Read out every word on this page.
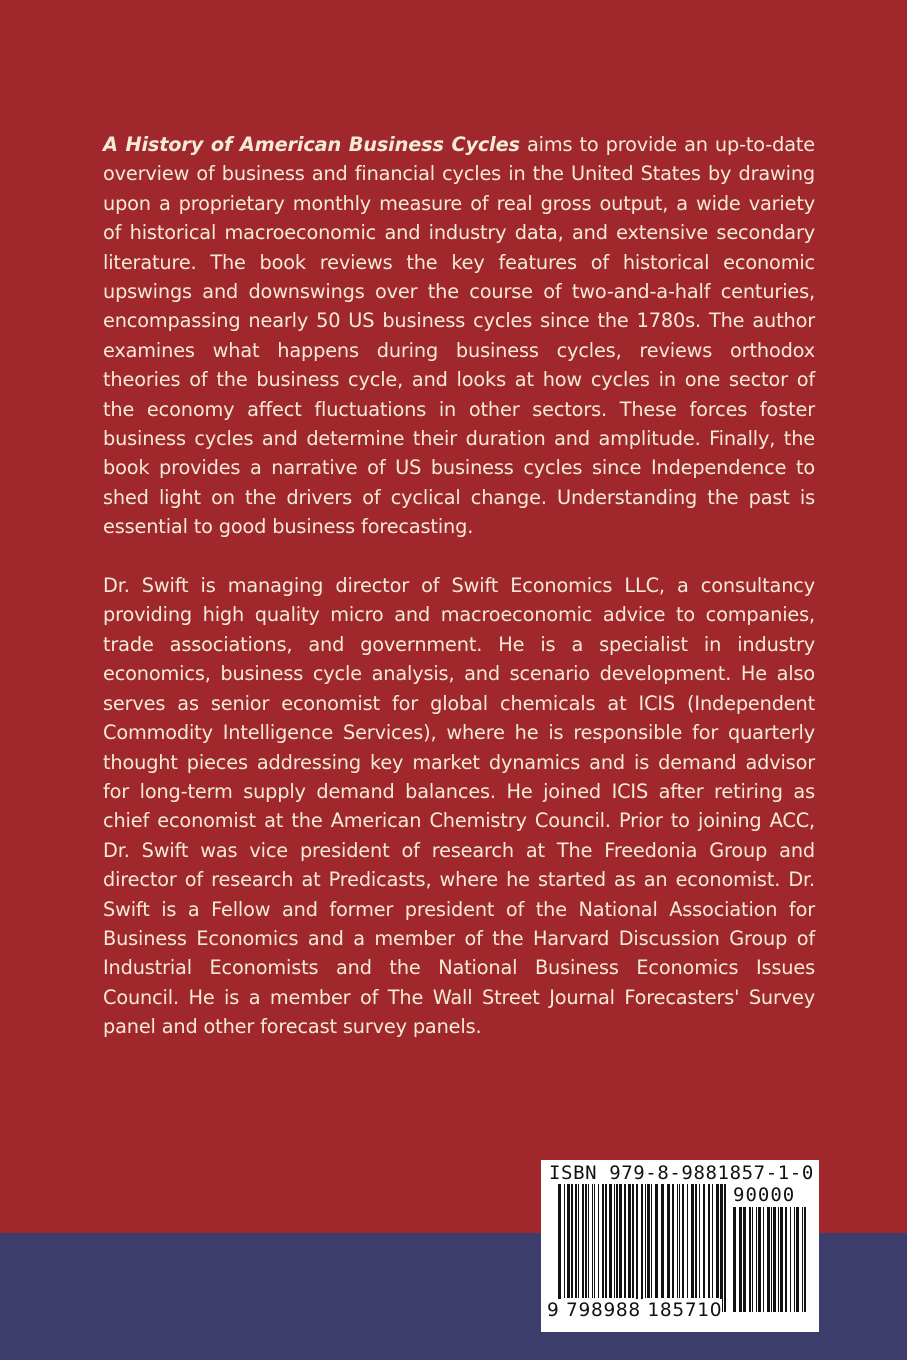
A History of American Business Cycles aims to provide an up-to-date overview of business and financial cycles in the United States by drawing upon a proprietary monthly measure of real gross output, a wide variety of historical macroeconomic and industry data, and extensive secondary literature. The book reviews the key features of historical economic upswings and downswings over the course of two-and-a-half centuries, encompassing nearly 50 US business cycles since the 1780s. The author examines what happens during business cycles, reviews orthodox theories of the business cycle, and looks at how cycles in one sector of the economy affect fluctuations in other sectors. These forces foster business cycles and determine their duration and amplitude. Finally, the book provides a narrative of US business cycles since Independence to shed light on the drivers of cyclical change. Understanding the past is essential to good business forecasting.

Dr. Swift is managing director of Swift Economics LLC, a consultancy providing high quality micro and macroeconomic advice to companies, trade associations, and government. He is a specialist in industry economics, business cycle analysis, and scenario development. He also serves as senior economist for global chemicals at ICIS (Independent Commodity Intelligence Services), where he is responsible for quarterly thought pieces addressing key market dynamics and is demand advisor for long-term supply demand balances. He joined ICIS after retiring as chief economist at the American Chemistry Council. Prior to joining ACC, Dr. Swift was vice president of research at The Freedonia Group and director of research at Predicasts, where he started as an economist. Dr. Swift is a Fellow and former president of the National Association for Business Economics and a member of the Harvard Discussion Group of Industrial Economists and the National Business Economics Issues Council. He is a member of The Wall Street Journal Forecasters' Survey panel and other forecast survey panels.

ISBN 979-8-9881857-1-0
90000
9 798988 185710
